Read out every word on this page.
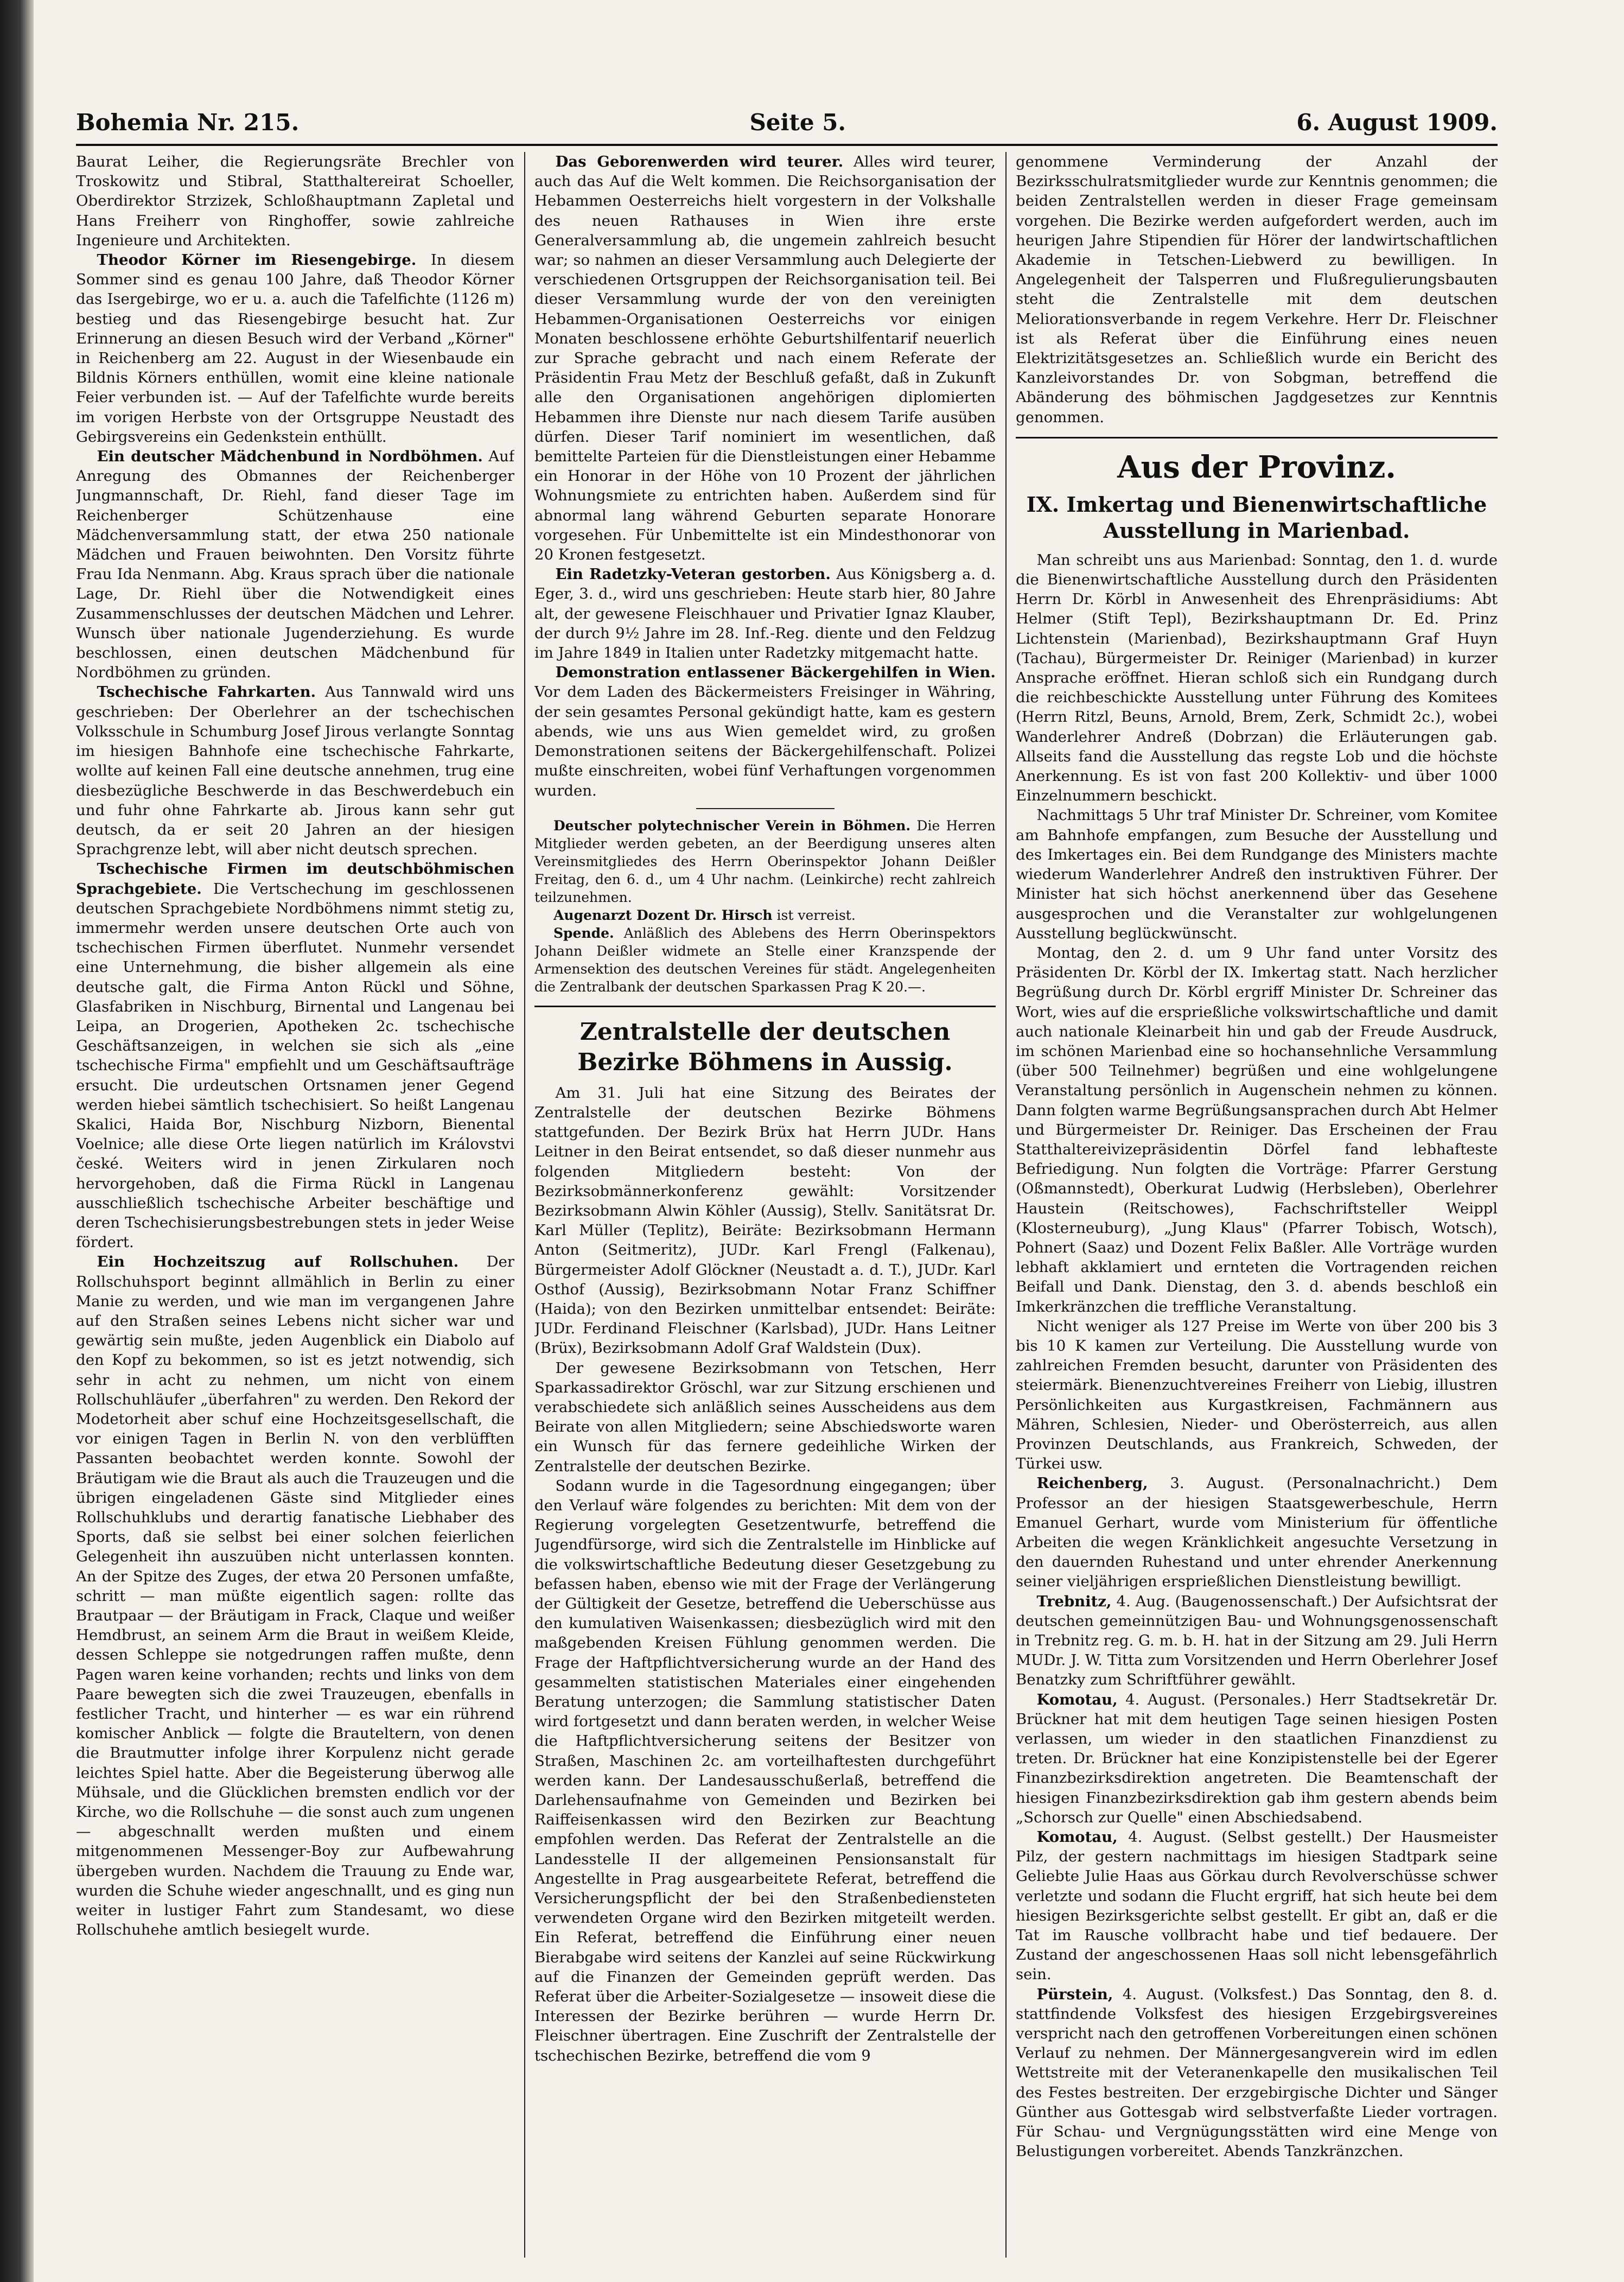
Bohemia Nr. 215.	Seite 5.	6. August 1909.

Baurat Leiher, die Regierungsräte Brechler von Troskowitz und Stibral, Statthaltereirat Schoeller, Oberdirektor Strzizek, Schloßhauptmann Zapletal und Hans Freiherr von Ringhoffer, sowie zahlreiche Ingenieure und Architekten.

Theodor Körner im Riesengebirge. In diesem Sommer sind es genau 100 Jahre, daß Theodor Körner das Isergebirge, wo er u. a. auch die Tafelfichte (1126 m) bestieg und das Riesengebirge besucht hat. Zur Erinnerung an diesen Besuch wird der Verband „Körner" in Reichenberg am 22. August in der Wiesenbaude ein Bildnis Körners enthüllen, womit eine kleine nationale Feier verbunden ist. — Auf der Tafelfichte wurde bereits im vorigen Herbste von der Ortsgruppe Neustadt des Gebirgsvereins ein Gedenkstein enthüllt.

Ein deutscher Mädchenbund in Nordböhmen. Auf Anregung des Obmannes der Reichenberger Jungmannschaft, Dr. Riehl, fand dieser Tage im Reichenberger Schützenhause eine Mädchenversammlung statt, der etwa 250 nationale Mädchen und Frauen beiwohnten. Den Vorsitz führte Frau Ida Nenmann. Abg. Kraus sprach über die nationale Lage, Dr. Riehl über die Notwendigkeit eines Zusammenschlusses der deutschen Mädchen und Lehrer. Wunsch über nationale Jugenderziehung. Es wurde beschlossen, einen deutschen Mädchenbund für Nordböhmen zu gründen.

Tschechische Fahrkarten. Aus Tannwald wird uns geschrieben: Der Oberlehrer an der tschechischen Volksschule in Schumburg Josef Jirous verlangte Sonntag im hiesigen Bahnhofe eine tschechische Fahrkarte, wollte auf keinen Fall eine deutsche annehmen, trug eine diesbezügliche Beschwerde in das Beschwerdebuch ein und fuhr ohne Fahrkarte ab. Jirous kann sehr gut deutsch, da er seit 20 Jahren an der hiesigen Sprachgrenze lebt, will aber nicht deutsch sprechen.

Tschechische Firmen im deutschböhmischen Sprachgebiete. Die Vertschechung im geschlossenen deutschen Sprachgebiete Nordböhmens nimmt stetig zu, immermehr werden unsere deutschen Orte auch von tschechischen Firmen überflutet. Nunmehr versendet eine Unternehmung, die bisher allgemein als eine deutsche galt, die Firma Anton Rückl und Söhne, Glasfabriken in Nischburg, Birnental und Langenau bei Leipa, an Drogerien, Apotheken 2c. tschechische Geschäftsanzeigen, in welchen sie sich als „eine tschechische Firma" empfiehlt und um Geschäftsaufträge ersucht. Die urdeutschen Ortsnamen jener Gegend werden hiebei sämtlich tschechisiert. So heißt Langenau Skalici, Haida Bor, Nischburg Nizborn, Bienental Voelnice; alle diese Orte liegen natürlich im Královstvi české. Weiters wird in jenen Zirkularen noch hervorgehoben, daß die Firma Rückl in Langenau ausschließlich tschechische Arbeiter beschäftige und deren Tschechisierungsbestrebungen stets in jeder Weise fördert.

Ein Hochzeitszug auf Rollschuhen. Der Rollschuhsport beginnt allmählich in Berlin zu einer Manie zu werden, und wie man im vergangenen Jahre auf den Straßen seines Lebens nicht sicher war und gewärtig sein mußte, jeden Augenblick ein Diabolo auf den Kopf zu bekommen, so ist es jetzt notwendig, sich sehr in acht zu nehmen, um nicht von einem Rollschuhläufer „überfahren" zu werden. Den Rekord der Modetorheit aber schuf eine Hochzeitsgesellschaft, die vor einigen Tagen in Berlin N. von den verblüfften Passanten beobachtet werden konnte. Sowohl der Bräutigam wie die Braut als auch die Trauzeugen und die übrigen eingeladenen Gäste sind Mitglieder eines Rollschuhklubs und derartig fanatische Liebhaber des Sports, daß sie selbst bei einer solchen feierlichen Gelegenheit ihn auszuüben nicht unterlassen konnten. An der Spitze des Zuges, der etwa 20 Personen umfaßte, schritt — man müßte eigentlich sagen: rollte das Brautpaar — der Bräutigam in Frack, Claque und weißer Hemdbrust, an seinem Arm die Braut in weißem Kleide, dessen Schleppe sie notgedrungen raffen mußte, denn Pagen waren keine vorhanden; rechts und links von dem Paare bewegten sich die zwei Trauzeugen, ebenfalls in festlicher Tracht, und hinterher — es war ein rührend komischer Anblick — folgte die Brauteltern, von denen die Brautmutter infolge ihrer Korpulenz nicht gerade leichtes Spiel hatte. Aber die Begeisterung überwog alle Mühsale, und die Glücklichen bremsten endlich vor der Kirche, wo die Rollschuhe — die sonst auch zum ungenen — abgeschnallt werden mußten und einem mitgenommenen Messenger-Boy zur Aufbewahrung übergeben wurden. Nachdem die Trauung zu Ende war, wurden die Schuhe wieder angeschnallt, und es ging nun weiter in lustiger Fahrt zum Standesamt, wo diese Rollschuhehe amtlich besiegelt wurde.

Das Geborenwerden wird teurer. Alles wird teurer, auch das Auf die Welt kommen. Die Reichsorganisation der Hebammen Oesterreichs hielt vorgestern in der Volkshalle des neuen Rathauses in Wien ihre erste Generalversammlung ab, die ungemein zahlreich besucht war; so nahmen an dieser Versammlung auch Delegierte der verschiedenen Ortsgruppen der Reichsorganisation teil. Bei dieser Versammlung wurde der von den vereinigten Hebammen-Organisationen Oesterreichs vor einigen Monaten beschlossene erhöhte Geburtshilfentarif neuerlich zur Sprache gebracht und nach einem Referate der Präsidentin Frau Metz der Beschluß gefaßt, daß in Zukunft alle den Organisationen angehörigen diplomierten Hebammen ihre Dienste nur nach diesem Tarife ausüben dürfen. Dieser Tarif nominiert im wesentlichen, daß bemittelte Parteien für die Dienstleistungen einer Hebamme ein Honorar in der Höhe von 10 Prozent der jährlichen Wohnungsmiete zu entrichten haben. Außerdem sind für abnormal lang während Geburten separate Honorare vorgesehen. Für Unbemittelte ist ein Mindesthonorar von 20 Kronen festgesetzt.

Ein Radetzky-Veteran gestorben. Aus Königsberg a. d. Eger, 3. d., wird uns geschrieben: Heute starb hier, 80 Jahre alt, der gewesene Fleischhauer und Privatier Ignaz Klauber, der durch 9½ Jahre im 28. Inf.-Reg. diente und den Feldzug im Jahre 1849 in Italien unter Radetzky mitgemacht hatte.

Demonstration entlassener Bäckergehilfen in Wien. Vor dem Laden des Bäckermeisters Freisinger in Währing, der sein gesamtes Personal gekündigt hatte, kam es gestern abends, wie uns aus Wien gemeldet wird, zu großen Demonstrationen seitens der Bäckergehilfenschaft. Polizei mußte einschreiten, wobei fünf Verhaftungen vorgenommen wurden.

Deutscher polytechnischer Verein in Böhmen. Die Herren Mitglieder werden gebeten, an der Beerdigung unseres alten Vereinsmitgliedes des Herrn Oberinspektor Johann Deißler Freitag, den 6. d., um 4 Uhr nachm. (Leinkirche) recht zahlreich teilzunehmen.

Augenarzt Dozent Dr. Hirsch ist verreist.

Spende. Anläßlich des Ablebens des Herrn Oberinspektors Johann Deißler widmete an Stelle einer Kranzspende der Armensektion des deutschen Vereines für städt. Angelegenheiten die Zentralbank der deutschen Sparkassen Prag K 20.—.

Zentralstelle der deutschen Bezirke Böhmens in Aussig.

Am 31. Juli hat eine Sitzung des Beirates der Zentralstelle der deutschen Bezirke Böhmens stattgefunden. Der Bezirk Brüx hat Herrn JUDr. Hans Leitner in den Beirat entsendet, so daß dieser nunmehr aus folgenden Mitgliedern besteht: Von der Bezirksobmännerkonferenz gewählt: Vorsitzender Bezirksobmann Alwin Köhler (Aussig), Stellv. Sanitätsrat Dr. Karl Müller (Teplitz), Beiräte: Bezirksobmann Hermann Anton (Seitmeritz), JUDr. Karl Frengl (Falkenau), Bürgermeister Adolf Glöckner (Neustadt a. d. T.), JUDr. Karl Osthof (Aussig), Bezirksobmann Notar Franz Schiffner (Haida); von den Bezirken unmittelbar entsendet: Beiräte: JUDr. Ferdinand Fleischner (Karlsbad), JUDr. Hans Leitner (Brüx), Bezirksobmann Adolf Graf Waldstein (Dux).

Der gewesene Bezirksobmann von Tetschen, Herr Sparkassadirektor Gröschl, war zur Sitzung erschienen und verabschiedete sich anläßlich seines Ausscheidens aus dem Beirate von allen Mitgliedern; seine Abschiedsworte waren ein Wunsch für das fernere gedeihliche Wirken der Zentralstelle der deutschen Bezirke.

Sodann wurde in die Tagesordnung eingegangen; über den Verlauf wäre folgendes zu berichten: Mit dem von der Regierung vorgelegten Gesetzentwurfe, betreffend die Jugendfürsorge, wird sich die Zentralstelle im Hinblicke auf die volkswirtschaftliche Bedeutung dieser Gesetzgebung zu befassen haben, ebenso wie mit der Frage der Verlängerung der Gültigkeit der Gesetze, betreffend die Ueberschüsse aus den kumulativen Waisenkassen; diesbezüglich wird mit den maßgebenden Kreisen Fühlung genommen werden. Die Frage der Haftpflichtversicherung wurde an der Hand des gesammelten statistischen Materiales einer eingehenden Beratung unterzogen; die Sammlung statistischer Daten wird fortgesetzt und dann beraten werden, in welcher Weise die Haftpflichtversicherung seitens der Besitzer von Straßen, Maschinen 2c. am vorteilhaftesten durchgeführt werden kann. Der Landesausschußerlaß, betreffend die Darlehensaufnahme von Gemeinden und Bezirken bei Raiffeisenkassen wird den Bezirken zur Beachtung empfohlen werden. Das Referat der Zentralstelle an die Landesstelle II der allgemeinen Pensionsanstalt für Angestellte in Prag ausgearbeitete Referat, betreffend die Versicherungspflicht der bei den Straßenbediensteten verwendeten Organe wird den Bezirken mitgeteilt werden. Ein Referat, betreffend die Einführung einer neuen Bierabgabe wird seitens der Kanzlei auf seine Rückwirkung auf die Finanzen der Gemeinden geprüft werden. Das Referat über die Arbeiter-Sozialgesetze — insoweit diese die Interessen der Bezirke berühren — wurde Herrn Dr. Fleischner übertragen. Eine Zuschrift der Zentralstelle der tschechischen Bezirke, betreffend die vom 9

genommene Verminderung der Anzahl der Bezirksschulratsmitglieder wurde zur Kenntnis genommen; die beiden Zentralstellen werden in dieser Frage gemeinsam vorgehen. Die Bezirke werden aufgefordert werden, auch im heurigen Jahre Stipendien für Hörer der landwirtschaftlichen Akademie in Tetschen-Liebwerd zu bewilligen. In Angelegenheit der Talsperren und Flußregulierungsbauten steht die Zentralstelle mit dem deutschen Meliorationsverbande in regem Verkehre. Herr Dr. Fleischner ist als Referat über die Einführung eines neuen Elektrizitätsgesetzes an. Schließlich wurde ein Bericht des Kanzleivorstandes Dr. von Sobgman, betreffend die Abänderung des böhmischen Jagdgesetzes zur Kenntnis genommen.

Aus der Provinz.

IX. Imkertag und Bienenwirtschaftliche Ausstellung in Marienbad.

Man schreibt uns aus Marienbad: Sonntag, den 1. d. wurde die Bienenwirtschaftliche Ausstellung durch den Präsidenten Herrn Dr. Körbl in Anwesenheit des Ehrenpräsidiums: Abt Helmer (Stift Tepl), Bezirkshauptmann Dr. Ed. Prinz Lichtenstein (Marienbad), Bezirkshauptmann Graf Huyn (Tachau), Bürgermeister Dr. Reiniger (Marienbad) in kurzer Ansprache eröffnet. Hieran schloß sich ein Rundgang durch die reichbeschickte Ausstellung unter Führung des Komitees (Herrn Ritzl, Beuns, Arnold, Brem, Zerk, Schmidt 2c.), wobei Wanderlehrer Andreß (Dobrzan) die Erläuterungen gab. Allseits fand die Ausstellung das regste Lob und die höchste Anerkennung. Es ist von fast 200 Kollektiv- und über 1000 Einzelnummern beschickt.

Nachmittags 5 Uhr traf Minister Dr. Schreiner, vom Komitee am Bahnhofe empfangen, zum Besuche der Ausstellung und des Imkertages ein. Bei dem Rundgange des Ministers machte wiederum Wanderlehrer Andreß den instruktiven Führer. Der Minister hat sich höchst anerkennend über das Gesehene ausgesprochen und die Veranstalter zur wohlgelungenen Ausstellung beglückwünscht.

Montag, den 2. d. um 9 Uhr fand unter Vorsitz des Präsidenten Dr. Körbl der IX. Imkertag statt. Nach herzlicher Begrüßung durch Dr. Körbl ergriff Minister Dr. Schreiner das Wort, wies auf die ersprießliche volkswirtschaftliche und damit auch nationale Kleinarbeit hin und gab der Freude Ausdruck, im schönen Marienbad eine so hochansehnliche Versammlung (über 500 Teilnehmer) begrüßen und eine wohlgelungene Veranstaltung persönlich in Augenschein nehmen zu können. Dann folgten warme Begrüßungsansprachen durch Abt Helmer und Bürgermeister Dr. Reiniger. Das Erscheinen der Frau Statthaltereivizepräsidentin Dörfel fand lebhafteste Befriedigung. Nun folgten die Vorträge: Pfarrer Gerstung (Oßmannstedt), Oberkurat Ludwig (Herbsleben), Oberlehrer Haustein (Reitschowes), Fachschriftsteller Weippl (Klosterneuburg), „Jung Klaus" (Pfarrer Tobisch, Wotsch), Pohnert (Saaz) und Dozent Felix Baßler. Alle Vorträge wurden lebhaft akklamiert und ernteten die Vortragenden reichen Beifall und Dank. Dienstag, den 3. d. abends beschloß ein Imkerkränzchen die treffliche Veranstaltung.

Nicht weniger als 127 Preise im Werte von über 200 bis 3 bis 10 K kamen zur Verteilung. Die Ausstellung wurde von zahlreichen Fremden besucht, darunter von Präsidenten des steiermärk. Bienenzuchtvereines Freiherr von Liebig, illustren Persönlichkeiten aus Kurgastkreisen, Fachmännern aus Mähren, Schlesien, Nieder- und Oberösterreich, aus allen Provinzen Deutschlands, aus Frankreich, Schweden, der Türkei usw.

Reichenberg, 3. August. (Personalnachricht.) Dem Professor an der hiesigen Staatsgewerbeschule, Herrn Emanuel Gerhart, wurde vom Ministerium für öffentliche Arbeiten die wegen Kränklichkeit angesuchte Versetzung in den dauernden Ruhestand und unter ehrender Anerkennung seiner vieljährigen ersprießlichen Dienstleistung bewilligt.

Trebnitz, 4. Aug. (Baugenossenschaft.) Der Aufsichtsrat der deutschen gemeinnützigen Bau- und Wohnungsgenossenschaft in Trebnitz reg. G. m. b. H. hat in der Sitzung am 29. Juli Herrn MUDr. J. W. Titta zum Vorsitzenden und Herrn Oberlehrer Josef Benatzky zum Schriftführer gewählt.

Komotau, 4. August. (Personales.) Herr Stadtsekretär Dr. Brückner hat mit dem heutigen Tage seinen hiesigen Posten verlassen, um wieder in den staatlichen Finanzdienst zu treten. Dr. Brückner hat eine Konzipistenstelle bei der Egerer Finanzbezirksdirektion angetreten. Die Beamtenschaft der hiesigen Finanzbezirksdirektion gab ihm gestern abends beim „Schorsch zur Quelle" einen Abschiedsabend.

Komotau, 4. August. (Selbst gestellt.) Der Hausmeister Pilz, der gestern nachmittags im hiesigen Stadtpark seine Geliebte Julie Haas aus Görkau durch Revolverschüsse schwer verletzte und sodann die Flucht ergriff, hat sich heute bei dem hiesigen Bezirksgerichte selbst gestellt. Er gibt an, daß er die Tat im Rausche vollbracht habe und tief bedauere. Der Zustand der angeschossenen Haas soll nicht lebensgefährlich sein.

Pürstein, 4. August. (Volksfest.) Das Sonntag, den 8. d. stattfindende Volksfest des hiesigen Erzgebirgsvereines verspricht nach den getroffenen Vorbereitungen einen schönen Verlauf zu nehmen. Der Männergesangverein wird im edlen Wettstreite mit der Veteranenkapelle den musikalischen Teil des Festes bestreiten. Der erzgebirgische Dichter und Sänger Günther aus Gottesgab wird selbstverfaßte Lieder vortragen. Für Schau- und Vergnügungsstätten wird eine Menge von Belustigungen vorbereitet. Abends Tanzkränzchen.
